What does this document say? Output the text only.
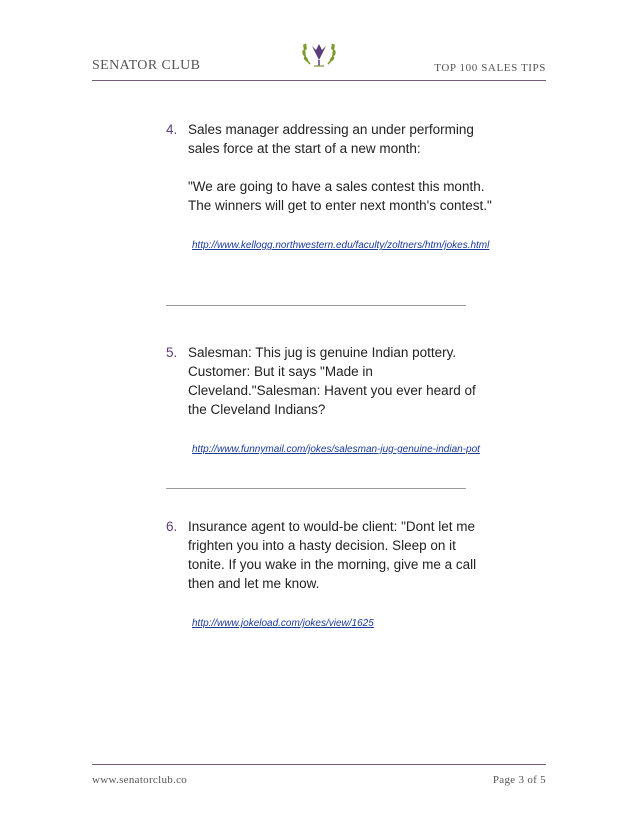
SENATOR CLUB	TOP 100 SALES TIPS
4. Sales manager addressing an under performing sales force at the start of a new month:

"We are going to have a sales contest this month. The winners will get to enter next month's contest."

http://www.kellogg.northwestern.edu/faculty/zoltners/htm/jokes.html
5. Salesman: This jug is genuine Indian pottery. Customer: But it says "Made in Cleveland."Salesman: Havent you ever heard of the Cleveland Indians?

http://www.funnymail.com/jokes/salesman-jug-genuine-indian-pot
6. Insurance agent to would-be client: "Dont let me frighten you into a hasty decision. Sleep on it tonite. If you wake in the morning, give me a call then and let me know.

http://www.jokeload.com/jokes/view/1625
www.senatorclub.co	Page 3 of 5
